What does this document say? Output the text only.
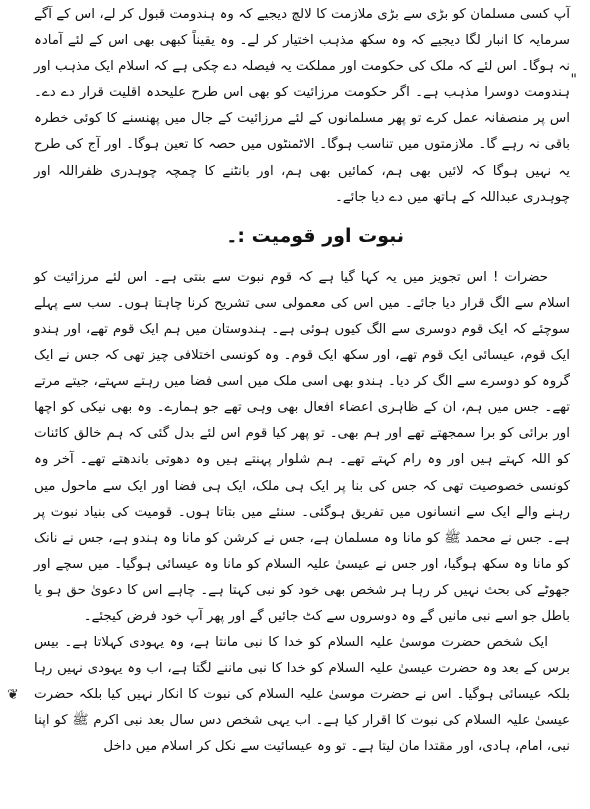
آپ کسی مسلمان کو بڑی سے بڑی ملازمت کا لالچ دیجیے کہ وہ ہندومت قبول کر لے، اس کے آگے سرمایہ کا انبار لگا دیجیے کہ وہ سکھ مذہب اختیار کر لے۔ وہ یقیناً کبھی بھی اس کے لئے آمادہ نہ ہوگا۔ اس لئے کہ ملک کی حکومت اور مملکت یہ فیصلہ دے چکی ہے کہ اسلام ایک مذہب اور ہندومت دوسرا مذہب ہے۔ اگر حکومت مرزائیت کو بھی اس طرح علیحدہ اقلیت قرار دے دے۔ اس پر منصفانہ عمل کرے تو پھر مسلمانوں کے لئے مرزائیت کے جال میں پھنسنے کا کوئی خطرہ باقی نہ رہے گا۔ ملازمتوں میں تناسب ہوگا۔ الاٹمنٹوں میں حصہ کا تعین ہوگا۔ اور آج کی طرح یہ نہیں ہوگا کہ لائیں بھی ہم، کمائیں بھی ہم، اور بانٹنے کا چمچہ چوہدری ظفراللہ اور چوہدری عبداللہ کے ہاتھ میں دے دیا جائے۔

نبوت اور قومیت :۔

حضرات ! اس تجویز میں یہ کہا گیا ہے کہ قوم نبوت سے بنتی ہے۔ اس لئے مرزائیت کو اسلام سے الگ قرار دیا جائے۔ میں اس کی معمولی سی تشریح کرنا چاہتا ہوں۔ سب سے پہلے سوچئے کہ ایک قوم دوسری سے الگ کیوں ہوئی ہے۔ ہندوستان میں ہم ایک قوم تھے، اور ہندو ایک قوم، عیسائی ایک قوم تھے، اور سکھ ایک قوم۔ وہ کونسی اختلافی چیز تھی کہ جس نے ایک گروہ کو دوسرے سے الگ کر دیا۔ ہندو بھی اسی ملک میں اسی فضا میں رہتے سہتے، جیتے مرتے تھے۔ جس میں ہم، ان کے ظاہری اعضاء افعال بھی وہی تھے جو ہمارے۔ وہ بھی نیکی کو اچھا اور برائی کو برا سمجھتے تھے اور ہم بھی۔ تو پھر کیا قوم اس لئے بدل گئی کہ ہم خالق کائنات کو اللہ کہتے ہیں اور وہ رام کہتے تھے۔ ہم شلوار پہنتے ہیں وہ دھوتی باندھتے تھے۔ آخر وہ کونسی خصوصیت تھی کہ جس کی بنا پر ایک ہی ملک، ایک ہی فضا اور ایک سے ماحول میں رہنے والے ایک سے انسانوں میں تفریق ہوگئی۔ سنئے میں بتاتا ہوں۔ قومیت کی بنیاد نبوت پر ہے۔ جس نے محمد ﷺ کو مانا وہ مسلمان ہے، جس نے کرشن کو مانا وہ ہندو ہے، جس نے نانک کو مانا وہ سکھ ہوگیا، اور جس نے عیسیٰ علیہ السلام کو مانا وہ عیسائی ہوگیا۔ میں سچے اور جھوٹے کی بحث نہیں کر رہا ہر شخص بھی خود کو نبی کہتا ہے۔ چاہے اس کا دعویٰ حق ہو یا باطل جو اسے نبی مانیں گے وہ دوسروں سے کٹ جائیں گے اور پھر آپ خود فرض کیجئے۔

ایک شخص حضرت موسیٰ علیہ السلام کو خدا کا نبی مانتا ہے، وہ یہودی کہلاتا ہے۔ بیس برس کے بعد وہ حضرت عیسیٰ علیہ السلام کو خدا کا نبی ماننے لگتا ہے، اب وہ یہودی نہیں رہا بلکہ عیسائی ہوگیا۔ اس نے حضرت موسیٰ علیہ السلام کی نبوت کا انکار نہیں کیا بلکہ حضرت عیسیٰ علیہ السلام کی نبوت کا اقرار کیا ہے۔ اب یہی شخص دس سال بعد نبی اکرم ﷺ کو اپنا نبی، امام، ہادی، اور مقتدا مان لیتا ہے۔ تو وہ عیسائیت سے نکل کر اسلام میں داخل

"
❦
